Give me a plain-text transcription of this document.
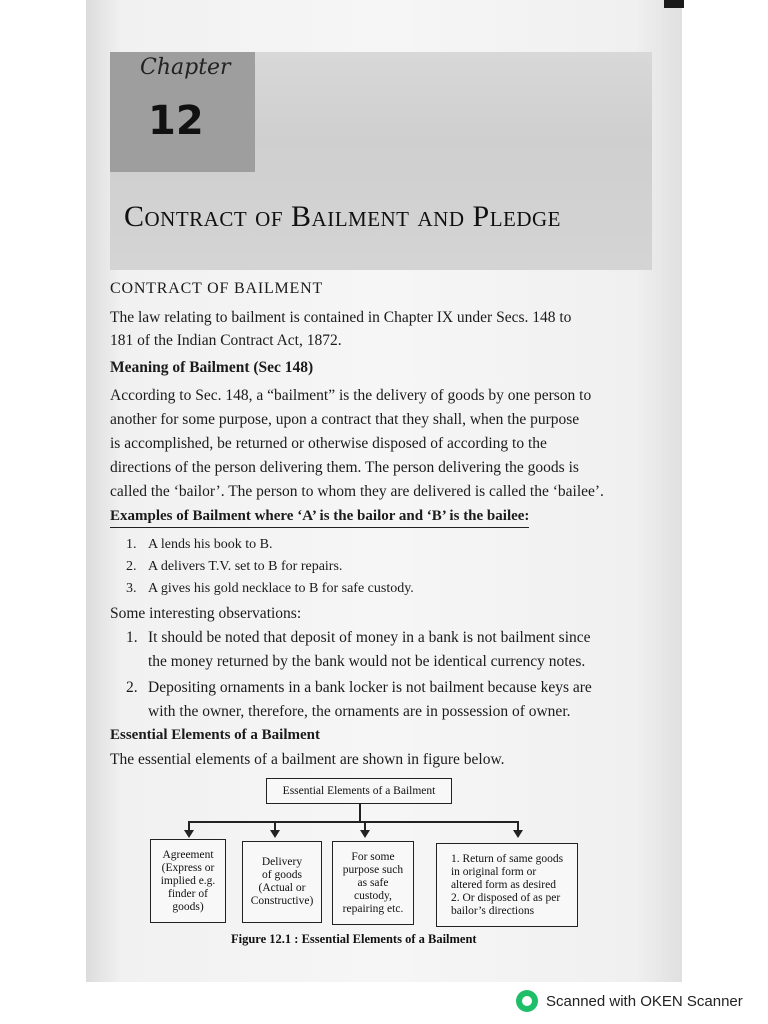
Chapter
12
Contract of Bailment and Pledge
CONTRACT OF BAILMENT
The law relating to bailment is contained in Chapter IX under Secs. 148 to
181 of the Indian Contract Act, 1872.
Meaning of Bailment (Sec 148)
According to Sec. 148, a “bailment” is the delivery of goods by one person to
another for some purpose, upon a contract that they shall, when the purpose
is accomplished, be returned or otherwise disposed of according to the
directions of the person delivering them. The person delivering the goods is
called the ‘bailor’. The person to whom they are delivered is called the ‘bailee’.
Examples of Bailment where ‘A’ is the bailor and ‘B’ is the bailee:
1. A lends his book to B.
2. A delivers T.V. set to B for repairs.
3. A gives his gold necklace to B for safe custody.
Some interesting observations:
1. It should be noted that deposit of money in a bank is not bailment since
the money returned by the bank would not be identical currency notes.
2. Depositing ornaments in a bank locker is not bailment because keys are
with the owner, therefore, the ornaments are in possession of owner.
Essential Elements of a Bailment
The essential elements of a bailment are shown in figure below.
Essential Elements of a Bailment
Agreement
(Express or
implied e.g.
finder of
goods)
Delivery
of goods
(Actual or
Constructive)
For some
purpose such
as safe
custody,
repairing etc.
1. Return of same goods
in original form or
altered form as desired
2. Or disposed of as per
bailor’s directions
Figure 12.1 : Essential Elements of a Bailment
Scanned with OKEN Scanner
